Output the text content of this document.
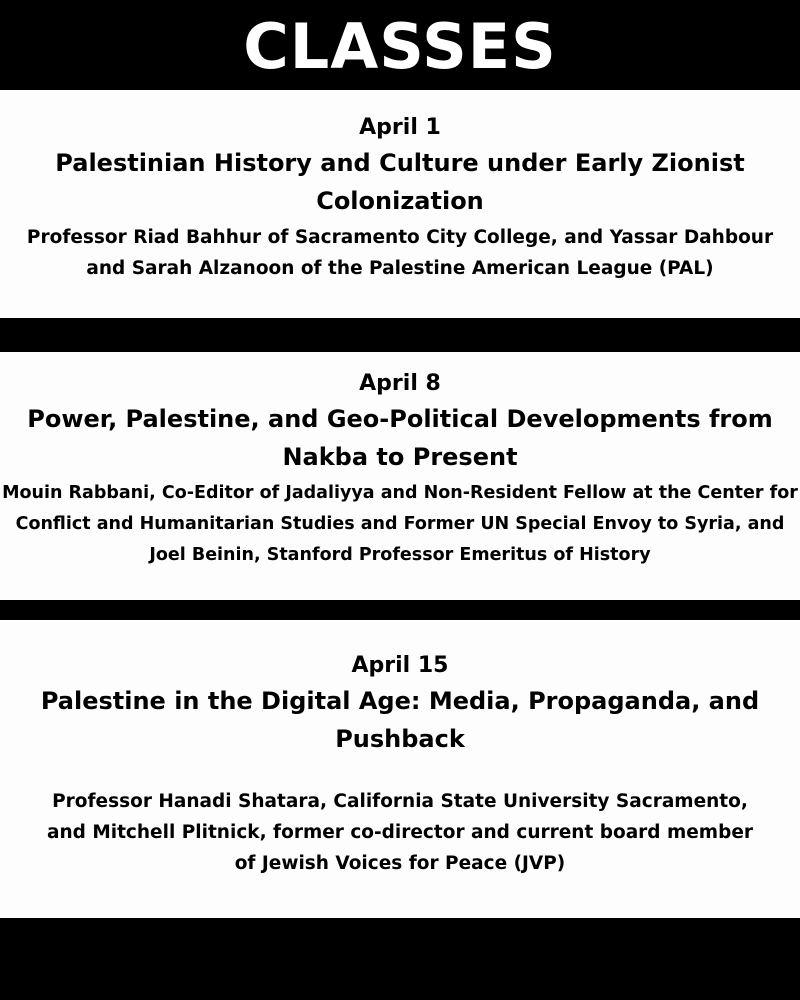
CLASSES

April 1

Palestinian History and Culture under Early Zionist Colonization

Professor Riad Bahhur of Sacramento City College, and Yassar Dahbour and Sarah Alzanoon of the Palestine American League (PAL)

April 8

Power, Palestine, and Geo-Political Developments from Nakba to Present

Mouin Rabbani, Co-Editor of Jadaliyya and Non-Resident Fellow at the Center for Conflict and Humanitarian Studies and Former UN Special Envoy to Syria, and Joel Beinin, Stanford Professor Emeritus of History

April 15

Palestine in the Digital Age: Media, Propaganda, and Pushback

Professor Hanadi Shatara, California State University Sacramento, and Mitchell Plitnick, former co-director and current board member of Jewish Voices for Peace (JVP)
